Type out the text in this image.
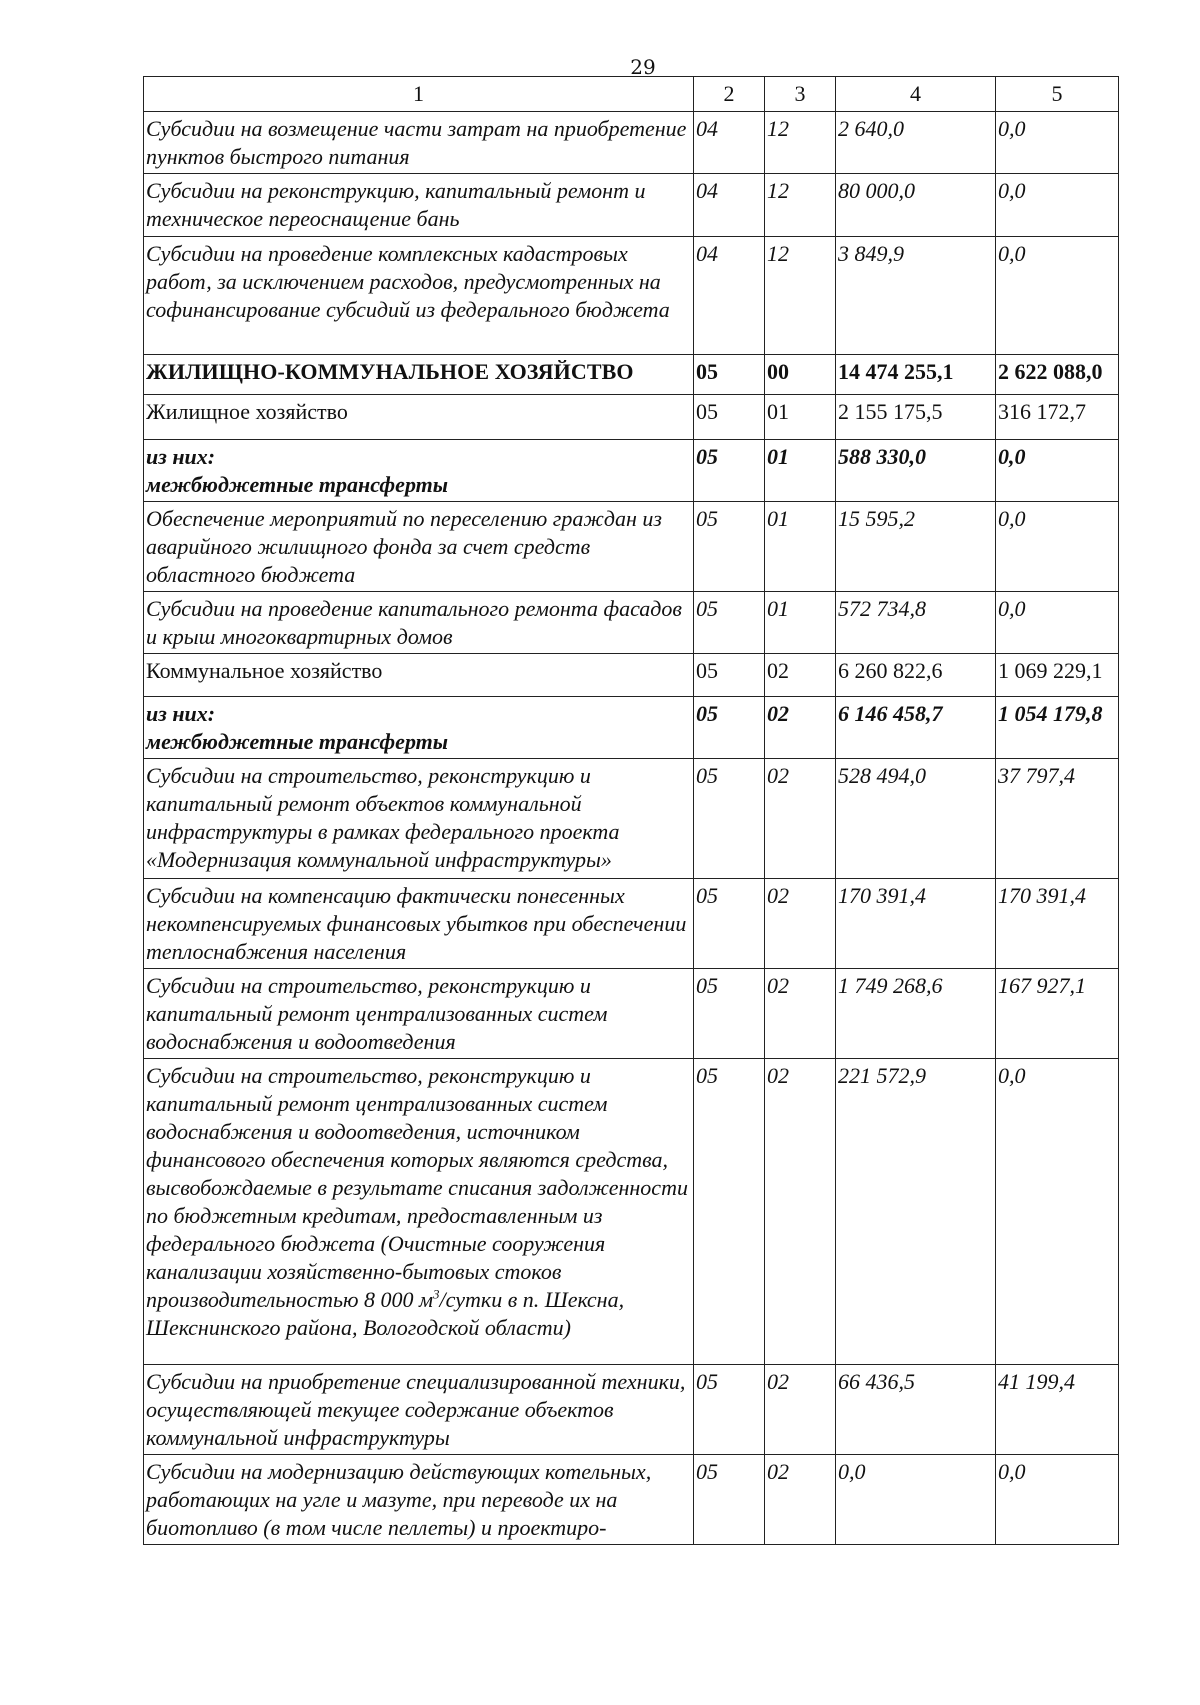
29
1	2	3	4	5
Субсидии на возмещение части затрат на приобретение пунктов быстрого питания	04	12	2 640,0	0,0
Субсидии на реконструкцию, капитальный ремонт и техническое переоснащение бань	04	12	80 000,0	0,0
Субсидии на проведение комплексных кадастровых работ, за исключением расходов, предусмотренных на софинансирование субсидий из федерального бюджета	04	12	3 849,9	0,0
ЖИЛИЩНО-КОММУНАЛЬНОЕ ХОЗЯЙСТВО	05	00	14 474 255,1	2 622 088,0
Жилищное хозяйство	05	01	2 155 175,5	316 172,7

из них:
межбюджетные трансферты	05	01	588 330,0	0,0
Обеспечение мероприятий по переселению граждан из аварийного жилищного фонда за счет средств областного бюджета	05	01	15 595,2	0,0
Субсидии на проведение капитального ремонта фасадов и крыш многоквартирных домов	05	01	572 734,8	0,0
Коммунальное хозяйство	05	02	6 260 822,6	1 069 229,1

из них:
межбюджетные трансферты	05	02	6 146 458,7	1 054 179,8
Субсидии на строительство, реконструкцию и капитальный ремонт объектов коммунальной инфраструктуры в рамках федерального проекта «Модернизация коммунальной инфраструктуры»	05	02	528 494,0	37 797,4
Субсидии на компенсацию фактически понесенных некомпенсируемых финансовых убытков при обеспечении теплоснабжения населения	05	02	170 391,4	170 391,4
Субсидии на строительство, реконструкцию и капитальный ремонт централизованных систем водоснабжения и водоотведения	05	02	1 749 268,6	167 927,1
Субсидии на строительство, реконструкцию и капитальный ремонт централизованных систем водоснабжения и водоотведения, источником финансового обеспечения которых являются средства, высвобождаемые в результате списания задолженности по бюджетным кредитам, предоставленным из федерального бюджета (Очистные сооружения канализации хозяйственно-бытовых стоков производительностью 8 000 $м^3$/сутки в п. Шексна, Шекснинского района, Вологодской области)	05	02	221 572,9	0,0
Субсидии на приобретение специализированной техники, осуществляющей текущее содержание объектов коммунальной инфраструктуры	05	02	66 436,5	41 199,4
Субсидии на модернизацию действующих котельных, работающих на угле и мазуте, при переводе их на биотопливо (в том числе пеллеты) и проектиро-	05	02	0,0	0,0
